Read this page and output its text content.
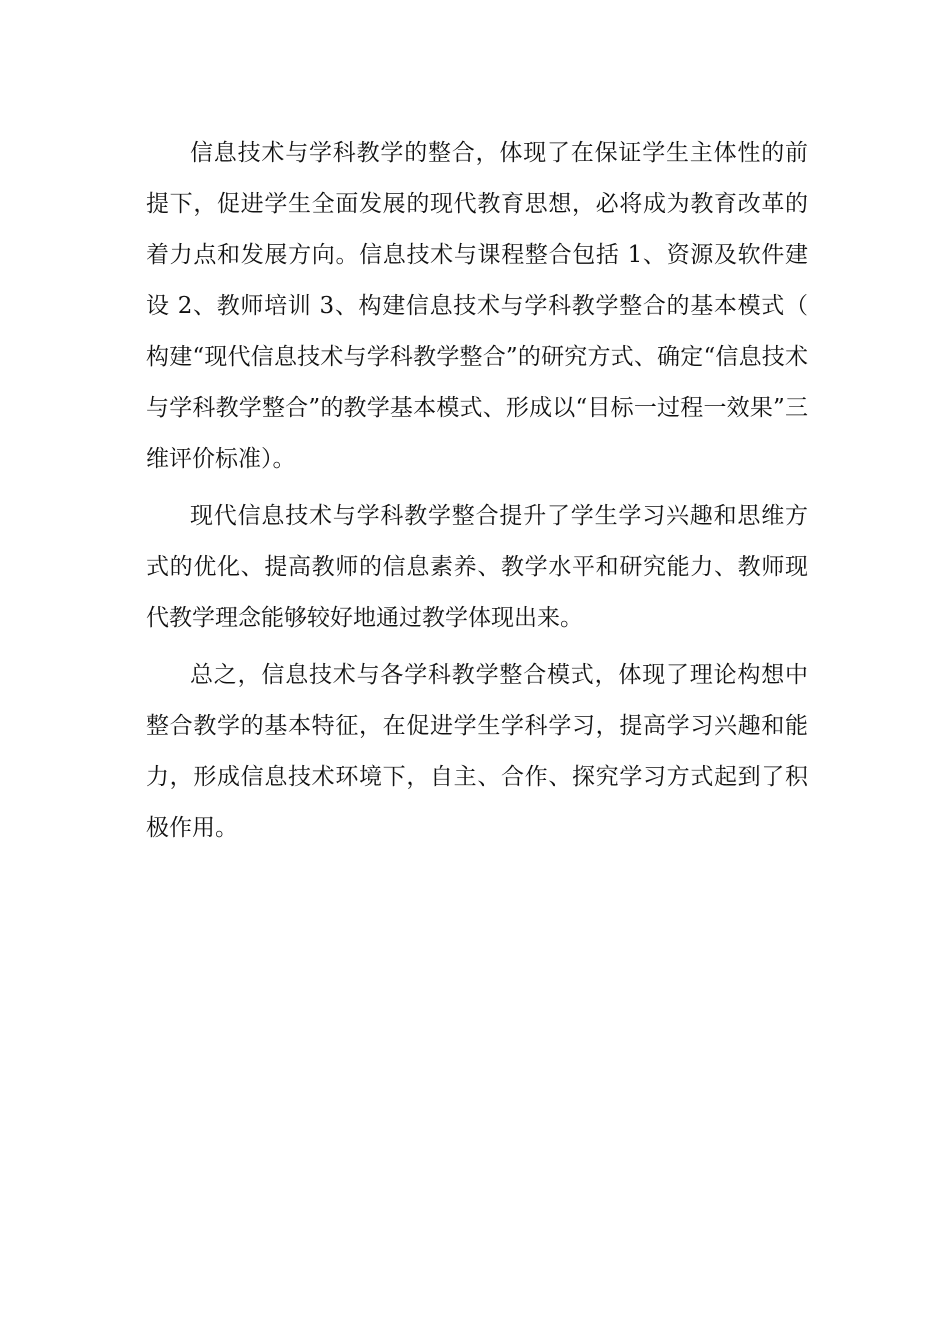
信息技术与学科教学的整合，体现了在保证学生主体性的前提下，促进学生全面发展的现代教育思想，必将成为教育改革的着力点和发展方向。信息技术与课程整合包括 1、资源及软件建设 2、教师培训 3、构建信息技术与学科教学整合的基本模式（ 构建“现代信息技术与学科教学整合”的研究方式、确定“信息技术与学科教学整合”的教学基本模式、形成以“目标一过程一效果”三维评价标准）。

现代信息技术与学科教学整合提升了学生学习兴趣和思维方式的优化、提高教师的信息素养、教学水平和研究能力、教师现代教学理念能够较好地通过教学体现出来。

总之，信息技术与各学科教学整合模式，体现了理论构想中整合教学的基本特征，在促进学生学科学习，提高学习兴趣和能力，形成信息技术环境下，自主、合作、探究学习方式起到了积极作用。
